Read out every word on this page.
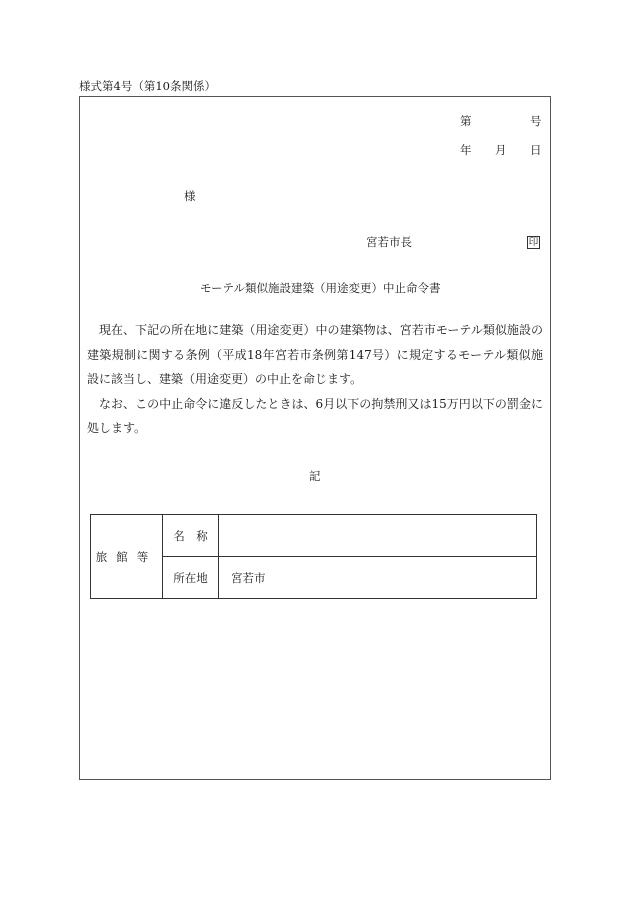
様式第4号（第10条関係）
第	号
年 月 日
様
宮若市長	印
モーテル類似施設建築（用途変更）中止命令書

現在、下記の所在地に建築（用途変更）中の建築物は、宮若市モーテル類似施設の建築規制に関する条例（平成18年宮若市条例第147号）に規定するモーテル類似施設に該当し、建築（用途変更）の中止を命じます。

なお、この中止命令に違反したときは、6月以下の拘禁刑又は15万円以下の罰金に処します。

記
旅館等	名　称	
	所在地	宮若市
